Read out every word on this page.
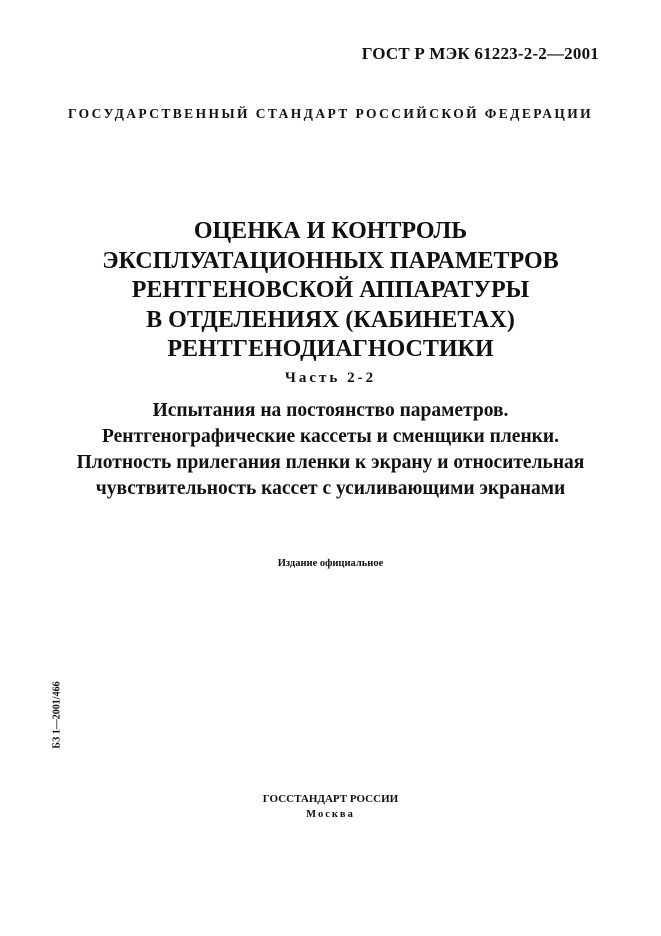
ГОСТ Р МЭК 61223-2-2—2001
ГОСУДАРСТВЕННЫЙ СТАНДАРТ РОССИЙСКОЙ ФЕДЕРАЦИИ
ОЦЕНКА И КОНТРОЛЬ
ЭКСПЛУАТАЦИОННЫХ ПАРАМЕТРОВ
РЕНТГЕНОВСКОЙ АППАРАТУРЫ
В ОТДЕЛЕНИЯХ (КАБИНЕТАХ)
РЕНТГЕНОДИАГНОСТИКИ
Часть 2-2
Испытания на постоянство параметров.
Рентгенографические кассеты и сменщики пленки.
Плотность прилегания пленки к экрану и относительная
чувствительность кассет с усиливающими экранами
Издание официальное
БЗ 1—2001/466
ГОССТАНДАРТ РОССИИ
Москва
